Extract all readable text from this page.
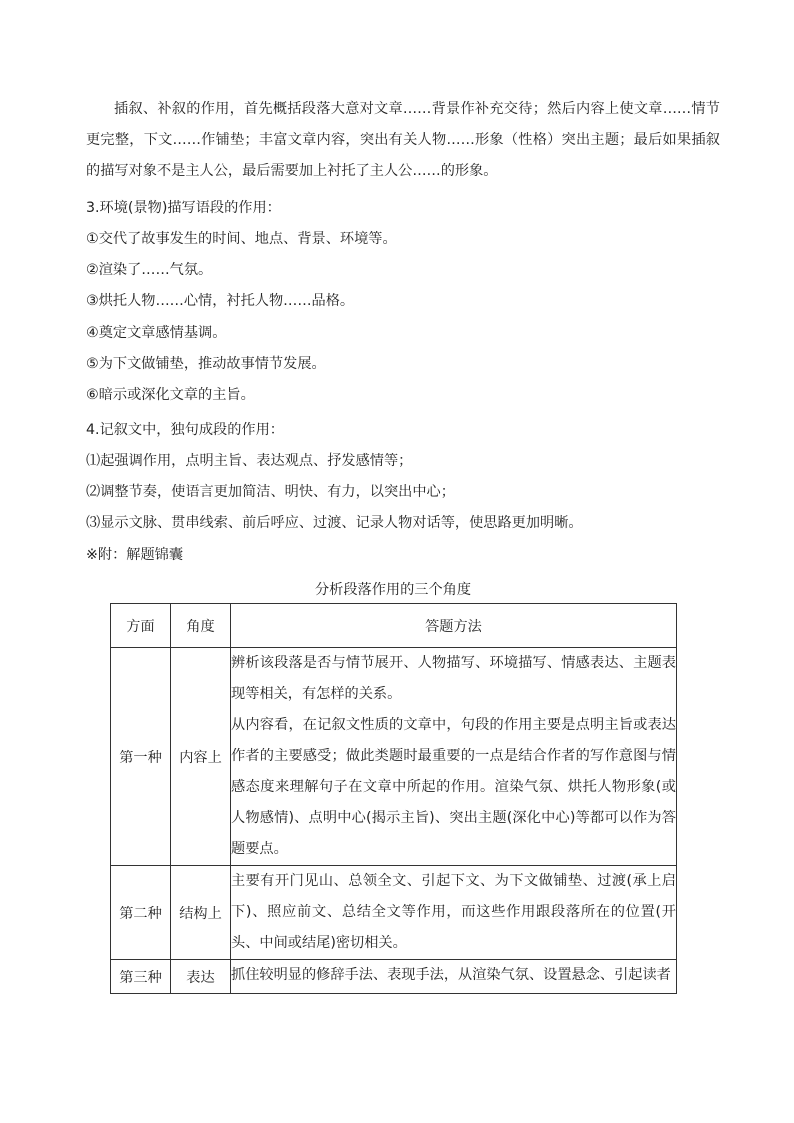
插叙、补叙的作用，首先概括段落大意对文章……背景作补充交待；然后内容上使文章……情节更完整，下文……作铺垫；丰富文章内容，突出有关人物……形象（性格）突出主题；最后如果插叙的描写对象不是主人公，最后需要加上衬托了主人公……的形象。

3.环境(景物)描写语段的作用：

①交代了故事发生的时间、地点、背景、环境等。

②渲染了……气氛。

③烘托人物……心情，衬托人物……品格。

④奠定文章感情基调。

⑤为下文做铺垫，推动故事情节发展。

⑥暗示或深化文章的主旨。

4.记叙文中，独句成段的作用：

⑴起强调作用，点明主旨、表达观点、抒发感情等；

⑵调整节奏，使语言更加简洁、明快、有力，以突出中心；

⑶显示文脉、贯串线索、前后呼应、过渡、记录人物对话等，使思路更加明晰。

※附：解题锦囊

分析段落作用的三个角度
方面	角度	答题方法
第一种	内容上	辨析该段落是否与情节展开、人物描写、环境描写、情感表达、主题表现等相关，有怎样的关系。

从内容看，在记叙文性质的文章中，句段的作用主要是点明主旨或表达作者的主要感受；做此类题时最重要的一点是结合作者的写作意图与情感态度来理解句子在文章中所起的作用。渲染气氛、烘托人物形象(或人物感情)、点明中心(揭示主旨)、突出主题(深化中心)等都可以作为答题要点。

第二种	结构上	主要有开门见山、总领全文、引起下文、为下文做铺垫、过渡(承上启下)、照应前文、总结全文等作用，而这些作用跟段落所在的位置(开头、中间或结尾)密切相关。

第三种	表达	抓住较明显的修辞手法、表现手法，从渲染气氛、设置悬念、引起读者
